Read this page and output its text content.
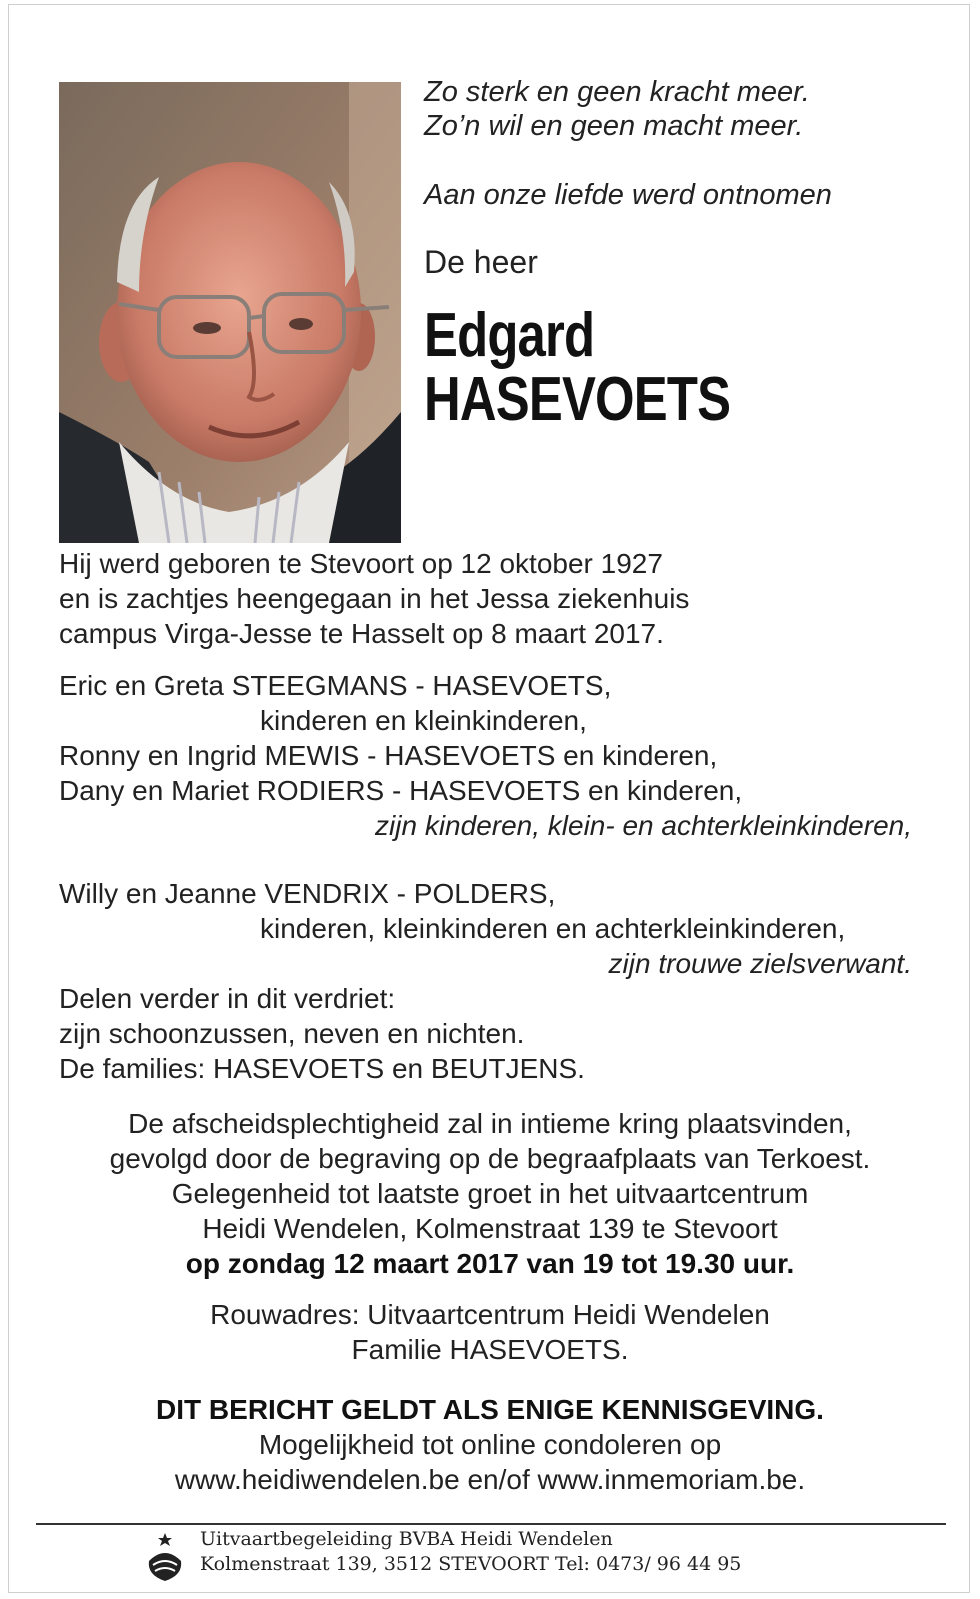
Zo sterk en geen kracht meer.
Zo’n wil en geen macht meer.
Aan onze liefde werd ontnomen
De heer
Edgard
HASEVOETS
Hij werd geboren te Stevoort op 12 oktober 1927
en is zachtjes heengegaan in het Jessa ziekenhuis
campus Virga-Jesse te Hasselt op 8 maart 2017.
Eric en Greta STEEGMANS - HASEVOETS,
kinderen en kleinkinderen,
Ronny en Ingrid MEWIS - HASEVOETS en kinderen,
Dany en Mariet RODIERS - HASEVOETS en kinderen,
zijn kinderen, klein- en achterkleinkinderen,
Willy en Jeanne VENDRIX - POLDERS,
kinderen, kleinkinderen en achterkleinkinderen,
zijn trouwe zielsverwant.
Delen verder in dit verdriet:
zijn schoonzussen, neven en nichten.
De families: HASEVOETS en BEUTJENS.
De afscheidsplechtigheid zal in intieme kring plaatsvinden,
gevolgd door de begraving op de begraafplaats van Terkoest.
Gelegenheid tot laatste groet in het uitvaartcentrum
Heidi Wendelen, Kolmenstraat 139 te Stevoort
op zondag 12 maart 2017 van 19 tot 19.30 uur.
Rouwadres: Uitvaartcentrum Heidi Wendelen
Familie HASEVOETS.
DIT BERICHT GELDT ALS ENIGE KENNISGEVING.
Mogelijkheid tot online condoleren op
www.heidiwendelen.be en/of www.inmemoriam.be.
Uitvaartbegeleiding BVBA Heidi Wendelen
Kolmenstraat 139, 3512 STEVOORT Tel: 0473/ 96 44 95
